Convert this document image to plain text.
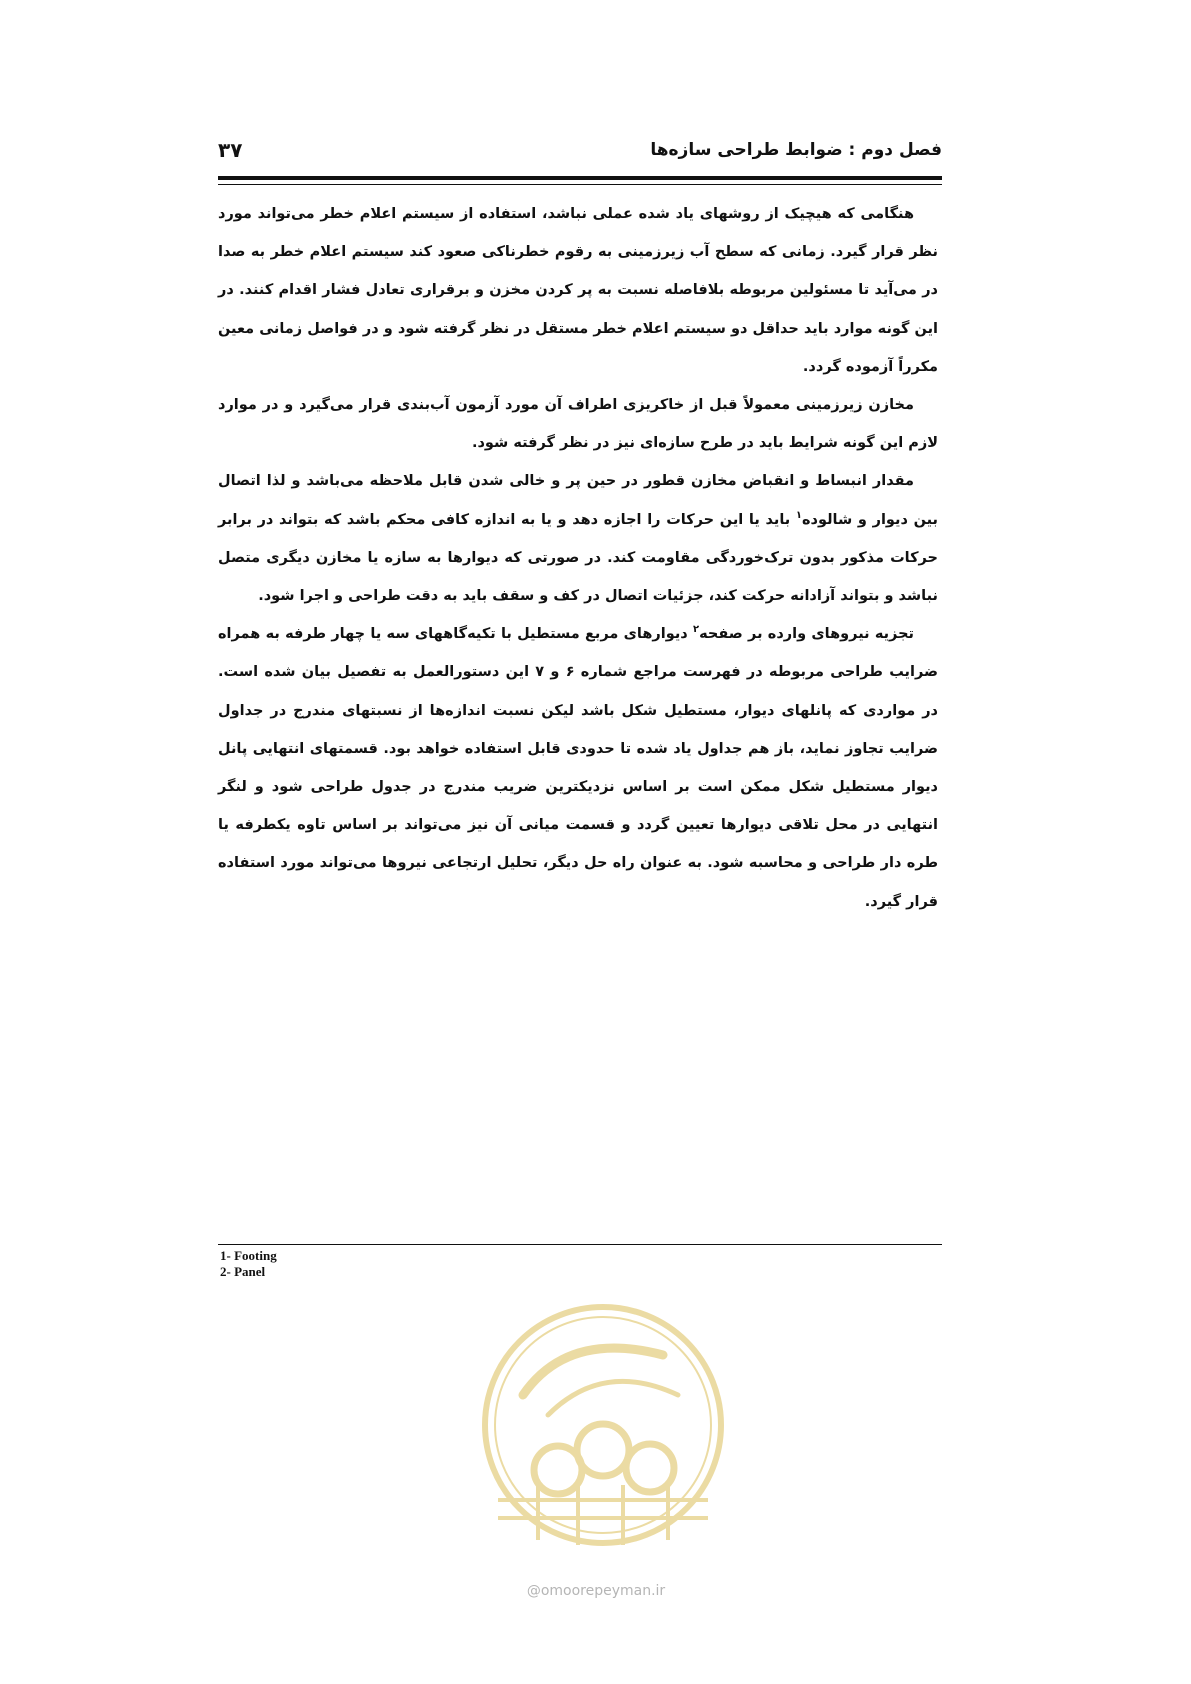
فصل دوم : ضوابط طراحی سازه‌ها
۳۷

هنگامی که هیچیک از روشهای یاد شده عملی نباشد، استفاده از سیستم اعلام خطر می‌تواند مورد نظر قرار گیرد. زمانی که سطح آب زیرزمینی به رقوم خطرناکی صعود کند سیستم اعلام خطر به صدا در می‌آید تا مسئولین مربوطه بلافاصله نسبت به پر کردن مخزن و برقراری تعادل فشار اقدام کنند. در این گونه موارد باید حداقل دو سیستم اعلام خطر مستقل در نظر گرفته شود و در فواصل زمانی معین مکرراً آزموده گردد.

مخازن زیرزمینی معمولاً قبل از خاکریزی اطراف آن مورد آزمون آب‌بندی قرار می‌گیرد و در موارد لازم این گونه شرایط باید در طرح سازه‌ای نیز در نظر گرفته شود.

مقدار انبساط و انقباض مخازن قطور در حین پر و خالی شدن قابل ملاحظه می‌باشد و لذا اتصال بین دیوار و شالوده$^۱$ باید یا این حرکات را اجازه دهد و یا به اندازه کافی محکم باشد که بتواند در برابر حرکات مذکور بدون ترک‌خوردگی مقاومت کند. در صورتی که دیوارها به سازه یا مخازن دیگری متصل نباشد و بتواند آزادانه حرکت کند، جزئیات اتصال در کف و سقف باید به دقت طراحی و اجرا شود.

تجزیه نیروهای وارده بر صفحه$^۲$ دیوارهای مربع مستطیل با تکیه‌گاههای سه یا چهار طرفه به همراه ضرایب طراحی مربوطه در فهرست مراجع شماره ۶ و ۷ این دستورالعمل به تفصیل بیان شده است. در مواردی که پانلهای دیوار، مستطیل شکل باشد لیکن نسبت اندازه‌ها از نسبتهای مندرج در جداول ضرایب تجاوز نماید، باز هم جداول یاد شده تا حدودی قابل استفاده خواهد بود. قسمتهای انتهایی پانل دیوار مستطیل شکل ممکن است بر اساس نزدیکترین ضریب مندرج در جدول طراحی شود و لنگر انتهایی در محل تلاقی دیوارها تعیین گردد و قسمت میانی آن نیز می‌تواند بر اساس تاوه یکطرفه یا طره دار طراحی و محاسبه شود. به عنوان راه حل دیگر، تحلیل ارتجاعی نیروها می‌تواند مورد استفاده قرار گیرد.

1- Footing
2- Panel
@omoorepeyman.ir
